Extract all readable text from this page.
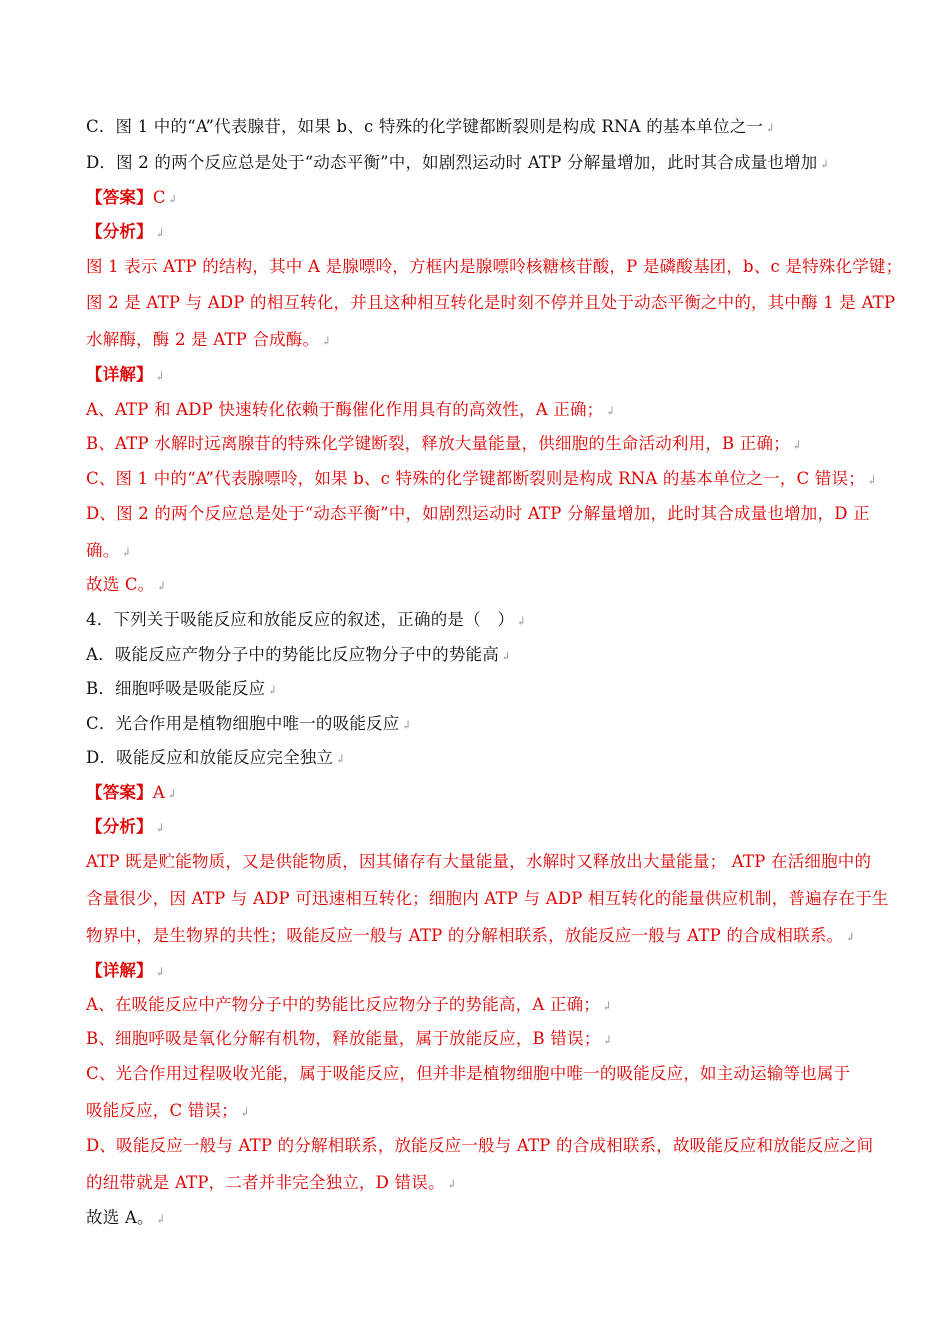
C．图 1 中的“A”代表腺苷，如果 b、c 特殊的化学键都断裂则是构成 RNA 的基本单位之一 ↲
D．图 2 的两个反应总是处于“动态平衡”中，如剧烈运动时 ATP 分解量增加，此时其合成量也增加 ↲
【答案】C ↲
【分析】 ↲
图 1 表示 ATP 的结构，其中 A 是腺嘌呤，方框内是腺嘌呤核糖核苷酸，P 是磷酸基团，b、c 是特殊化学键；
图 2 是 ATP 与 ADP 的相互转化，并且这种相互转化是时刻不停并且处于动态平衡之中的，其中酶 1 是 ATP
水解酶，酶 2 是 ATP 合成酶。 ↲
【详解】 ↲
A、ATP 和 ADP 快速转化依赖于酶催化作用具有的高效性，A 正确； ↲
B、ATP 水解时远离腺苷的特殊化学键断裂，释放大量能量，供细胞的生命活动利用，B 正确； ↲
C、图 1 中的“A”代表腺嘌呤，如果 b、c 特殊的化学键都断裂则是构成 RNA 的基本单位之一，C 错误； ↲
D、图 2 的两个反应总是处于“动态平衡”中，如剧烈运动时 ATP 分解量增加，此时其合成量也增加，D 正
确。 ↲
故选 C。 ↲
4．下列关于吸能反应和放能反应的叙述，正确的是（　） ↲
A．吸能反应产物分子中的势能比反应物分子中的势能高 ↲
B．细胞呼吸是吸能反应 ↲
C．光合作用是植物细胞中唯一的吸能反应 ↲
D．吸能反应和放能反应完全独立 ↲
【答案】A ↲
【分析】 ↲
ATP 既是贮能物质，又是供能物质，因其储存有大量能量，水解时又释放出大量能量； ATP 在活细胞中的
含量很少，因 ATP 与 ADP 可迅速相互转化；细胞内 ATP 与 ADP 相互转化的能量供应机制，普遍存在于生
物界中，是生物界的共性；吸能反应一般与 ATP 的分解相联系，放能反应一般与 ATP 的合成相联系。 ↲
【详解】 ↲
A、在吸能反应中产物分子中的势能比反应物分子的势能高，A 正确； ↲
B、细胞呼吸是氧化分解有机物，释放能量，属于放能反应，B 错误； ↲
C、光合作用过程吸收光能，属于吸能反应，但并非是植物细胞中唯一的吸能反应，如主动运输等也属于
吸能反应，C 错误； ↲
D、吸能反应一般与 ATP 的分解相联系，放能反应一般与 ATP 的合成相联系，故吸能反应和放能反应之间
的纽带就是 ATP，二者并非完全独立，D 错误。 ↲
故选 A。 ↲
